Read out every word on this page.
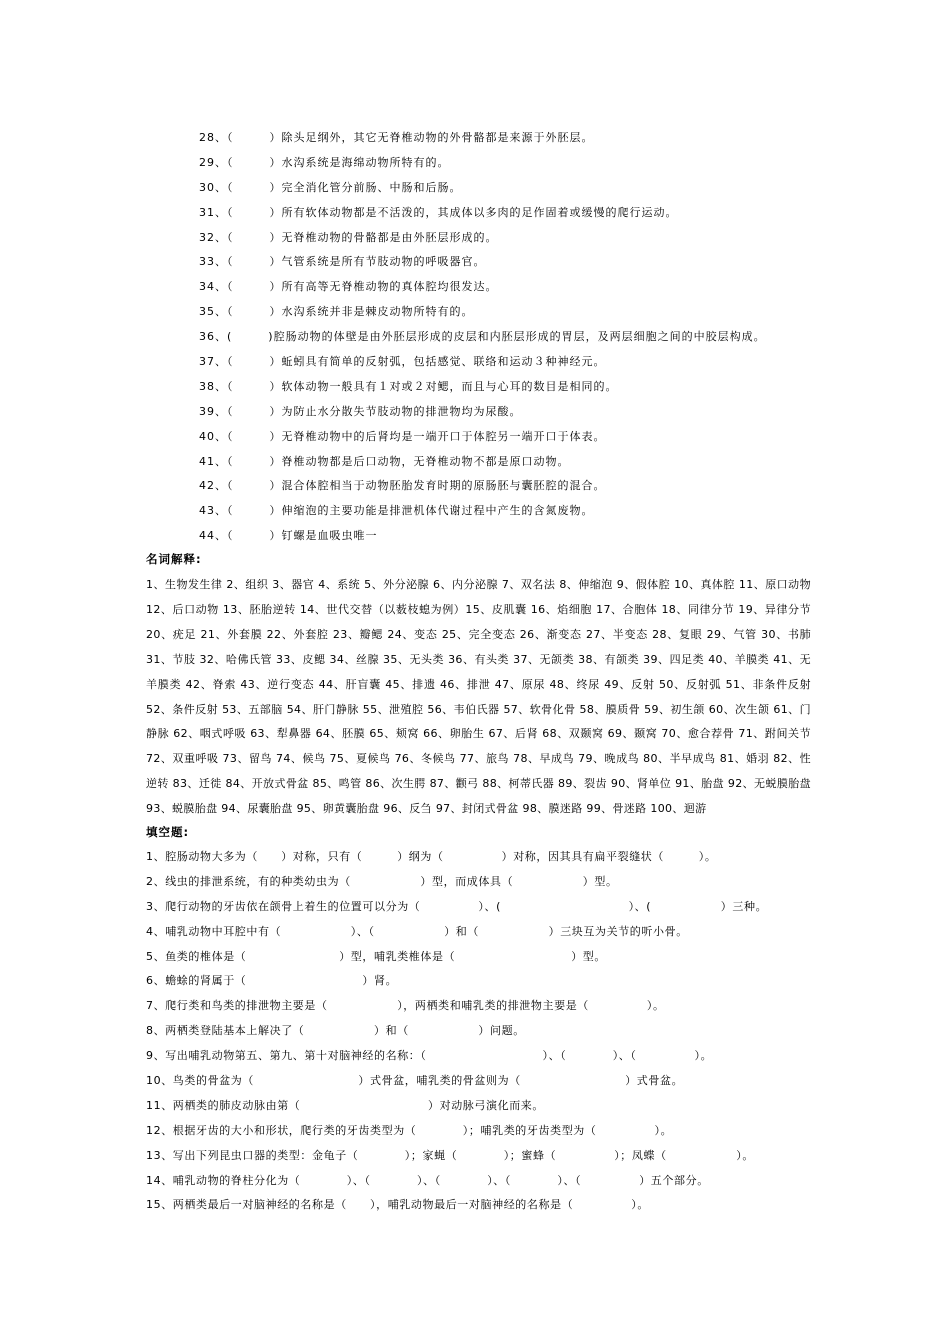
28、（　　　）除头足纲外，其它无脊椎动物的外骨骼都是来源于外胚层。
29、（　　　）水沟系统是海绵动物所特有的。
30、（　　　）完全消化管分前肠、中肠和后肠。
31、（　　　）所有软体动物都是不活泼的，其成体以多肉的足作固着或缓慢的爬行运动。
32、（　　　）无脊椎动物的骨骼都是由外胚层形成的。
33、（　　　）气管系统是所有节肢动物的呼吸器官。
34、（　　　）所有高等无脊椎动物的真体腔均很发达。
35、（　　　）水沟系统并非是棘皮动物所特有的。
36、(　　　)腔肠动物的体壁是由外胚层形成的皮层和内胚层形成的胃层，及两层细胞之间的中胶层构成。
37、（　　　）蚯蚓具有简单的反射弧，包括感觉、联络和运动３种神经元。
38、（　　　）软体动物一般具有１对或２对鳃，而且与心耳的数目是相同的。
39、（　　　）为防止水分散失节肢动物的排泄物均为尿酸。
40、（　　　）无脊椎动物中的后肾均是一端开口于体腔另一端开口于体表。
41、（　　　）脊椎动物都是后口动物，无脊椎动物不都是原口动物。
42、（　　　）混合体腔相当于动物胚胎发育时期的原肠胚与囊胚腔的混合。
43、（　　　）伸缩泡的主要功能是排泄机体代谢过程中产生的含氮废物。
44、（　　　）钉螺是血吸虫唯一
名词解释:
1、生物发生律 2、组织 3、器官 4、系统 5、外分泌腺 6、内分泌腺 7、双名法 8、伸缩泡 9、假体腔 10、真体腔 11、原口动物 12、后口动物 13、胚胎逆转 14、世代交替（以薮枝螅为例）15、皮肌囊 16、焰细胞 17、合胞体 18、同律分节 19、异律分节 20、疣足 21、外套膜 22、外套腔 23、瓣鳃 24、变态 25、完全变态 26、渐变态 27、半变态 28、复眼 29、气管 30、书肺 31、节肢 32、哈佛氏管 33、皮鳃 34、丝腺 35、无头类 36、有头类 37、无颌类 38、有颌类 39、四足类 40、羊膜类 41、无羊膜类 42、脊索 43、逆行变态 44、肝盲囊 45、排遗 46、排泄 47、原尿 48、终尿 49、反射 50、反射弧 51、非条件反射 52、条件反射 53、五部脑 54、肝门静脉 55、泄殖腔 56、韦伯氏器 57、软骨化骨 58、膜质骨 59、初生颌 60、次生颌 61、门静脉 62、咽式呼吸 63、犁鼻器 64、胚膜 65、颊窝 66、卵胎生 67、后肾 68、双颞窝 69、颞窝 70、愈合荐骨 71、跗间关节 72、双重呼吸 73、留鸟 74、候鸟 75、夏候鸟 76、冬候鸟 77、旅鸟 78、早成鸟 79、晚成鸟 80、半早成鸟 81、婚羽 82、性逆转 83、迁徙 84、开放式骨盆 85、鸣管 86、次生腭 87、颧弓 88、柯蒂氏器 89、裂齿 90、肾单位 91、胎盘 92、无蜕膜胎盘 93、蜕膜胎盘 94、尿囊胎盘 95、卵黄囊胎盘 96、反刍 97、封闭式骨盆 98、膜迷路 99、骨迷路 100、迴游
填空题:
1、腔肠动物大多为（　　）对称，只有（　　　）纲为（　　　　　）对称，因其具有扁平裂缝状（　　　）。
2、线虫的排泄系统，有的种类幼虫为（　　　　　　）型，而成体具（　　　　　　）型。
3、爬行动物的牙齿依在颌骨上着生的位置可以分为（　　　　　）、(　　　　　　　　　　　）、(　　　　　　）三种。
4、哺乳动物中耳腔中有（　　　　　　）、（　　　　　　）和（　　　　　　）三块互为关节的听小骨。
5、鱼类的椎体是（　　　　　　　　）型，哺乳类椎体是（　　　　　　　　　　）型。
6、蟾蜍的肾属于（　　　　　　　　　　）肾。
7、爬行类和鸟类的排泄物主要是（　　　　　　），两栖类和哺乳类的排泄物主要是（　　　　　）。
8、两栖类登陆基本上解决了（　　　　　　）和（　　　　　　）问题。
9、写出哺乳动物第五、第九、第十对脑神经的名称：（　　　　　　　　　　）、（　　　　）、（　　　　　）。
10、鸟类的骨盆为（　　　　　　　　　）式骨盆，哺乳类的骨盆则为（　　　　　　　　　）式骨盆。
11、两栖类的肺皮动脉由第（　　　　　　　　　　　）对动脉弓演化而来。
12、根据牙齿的大小和形状，爬行类的牙齿类型为（　　　　）；哺乳类的牙齿类型为（　　　　　）。
13、写出下列昆虫口器的类型：金龟子（　　　　）；家蝇（　　　　）；蜜蜂（　　　　　）；凤蝶（　　　　　　）。
14、哺乳动物的脊柱分化为（　　　　）、（　　　　）、（　　　　）、（　　　　）、（　　　　　）五个部分。
15、两栖类最后一对脑神经的名称是（　　），哺乳动物最后一对脑神经的名称是（　　　　　）。
